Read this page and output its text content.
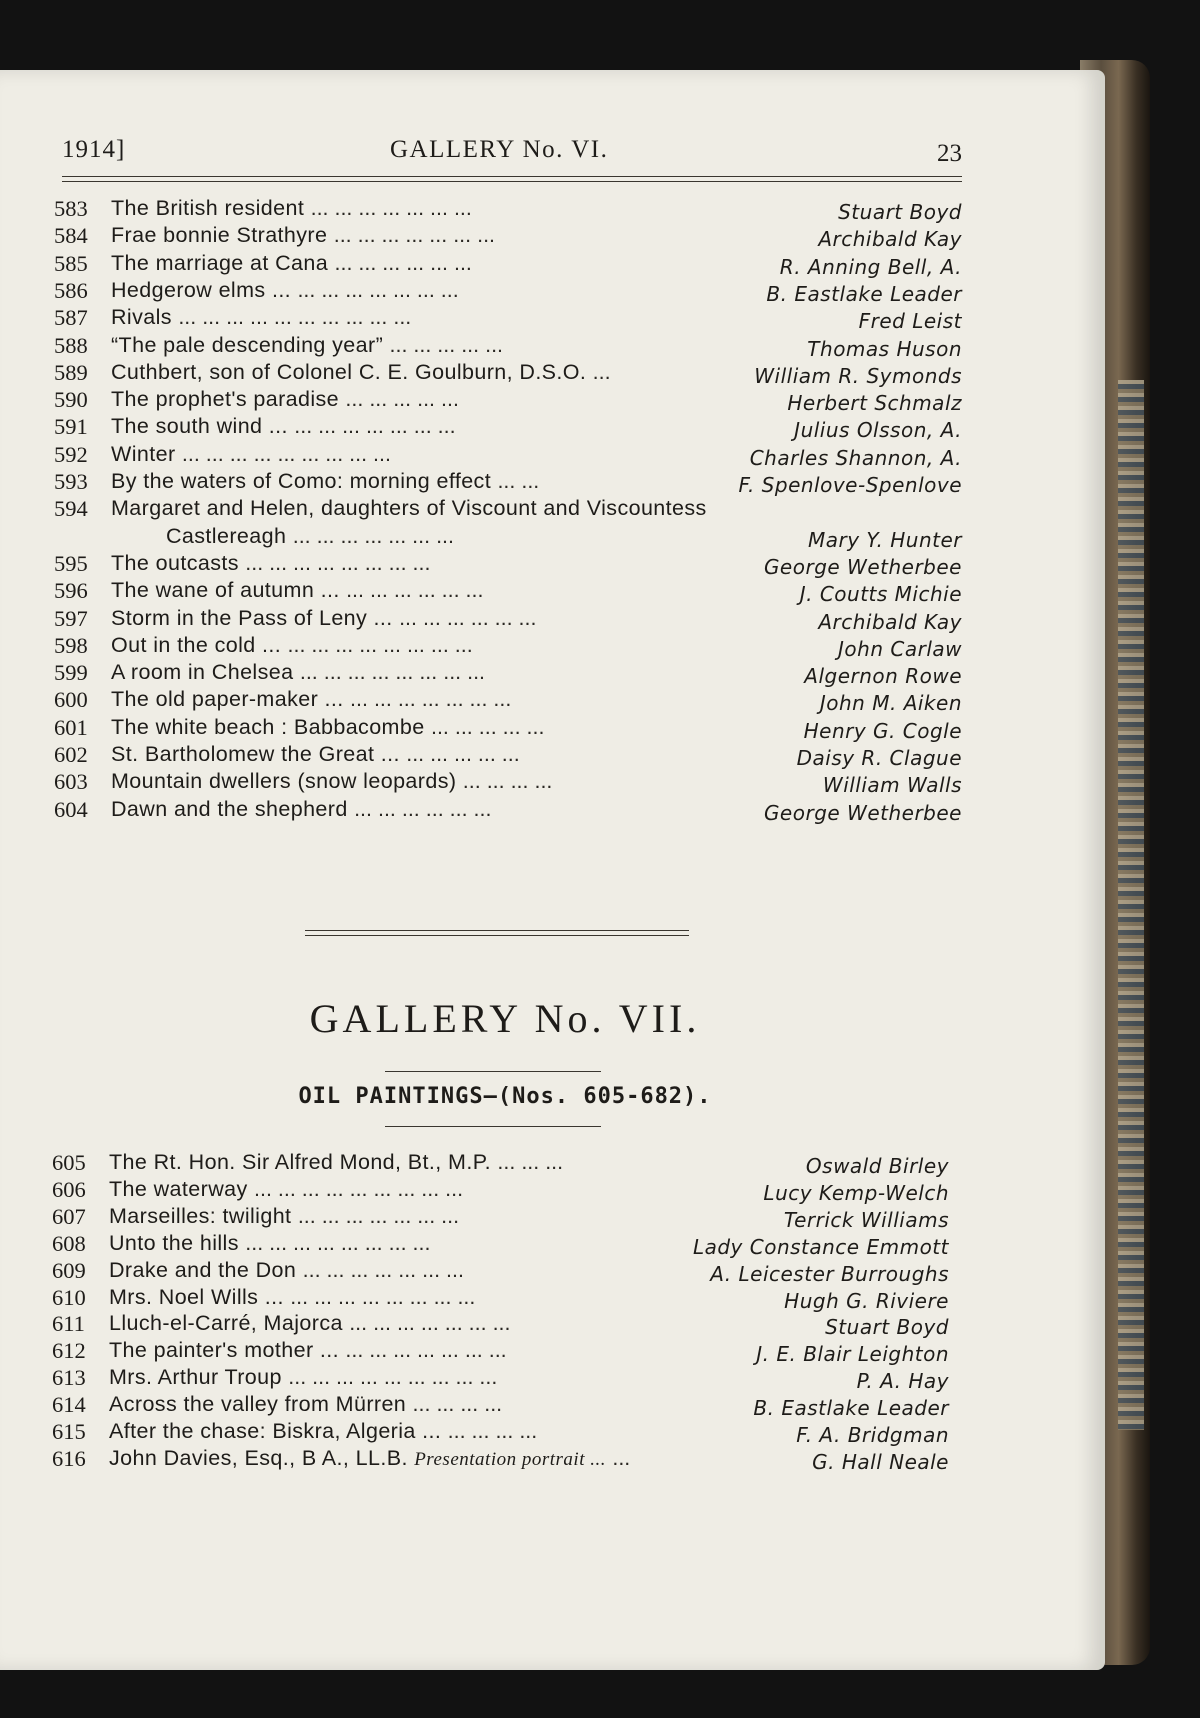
1914]	GALLERY No. VI.	23
583 The British resident ... ... ... ... ... ... ...	Stuart Boyd
584 Frae bonnie Strathyre ... ... ... ... ... ... ...	Archibald Kay
585 The marriage at Cana ... ... ... ... ... ...	R. Anning Bell, A.
586 Hedgerow elms ... ... ... ... ... ... ... ...	B. Eastlake Leader
587 Rivals ... ... ... ... ... ... ... ... ... ...	Fred Leist
588 “The pale descending year” ... ... ... ... ...	Thomas Huson
589 Cuthbert, son of Colonel C. E. Goulburn, D.S.O. ...	William R. Symonds
590 The prophet's paradise ... ... ... ... ...	Herbert Schmalz
591 The south wind ... ... ... ... ... ... ... ...	Julius Olsson, A.
592 Winter ... ... ... ... ... ... ... ... ...	Charles Shannon, A.
593 By the waters of Como: morning effect ... ...	F. Spenlove-Spenlove
594 Margaret and Helen, daughters of Viscount and Viscountess
Castlereagh ... ... ... ... ... ... ...	Mary Y. Hunter
595 The outcasts ... ... ... ... ... ... ... ...	George Wetherbee
596 The wane of autumn ... ... ... ... ... ... ...	J. Coutts Michie
597 Storm in the Pass of Leny ... ... ... ... ... ... ...	Archibald Kay
598 Out in the cold ... ... ... ... ... ... ... ... ...	John Carlaw
599 A room in Chelsea ... ... ... ... ... ... ... ...	Algernon Rowe
600 The old paper-maker ... ... ... ... ... ... ... ...	John M. Aiken
601 The white beach : Babbacombe ... ... ... ... ...	Henry G. Cogle
602 St. Bartholomew the Great ... ... ... ... ... ...	Daisy R. Clague
603 Mountain dwellers (snow leopards) ... ... ... ...	William Walls
604 Dawn and the shepherd ... ... ... ... ... ...	George Wetherbee
GALLERY No. VII.
OIL PAINTINGS—(Nos. 605-682).
605 The Rt. Hon. Sir Alfred Mond, Bt., M.P. ... ... ...	Oswald Birley
606 The waterway ... ... ... ... ... ... ... ... ...	Lucy Kemp-Welch
607 Marseilles: twilight ... ... ... ... ... ... ...	Terrick Williams
608 Unto the hills ... ... ... ... ... ... ... ...	Lady Constance Emmott
609 Drake and the Don ... ... ... ... ... ... ...	A. Leicester Burroughs
610 Mrs. Noel Wills ... ... ... ... ... ... ... ... ...	Hugh G. Riviere
611 Lluch-el-Carré, Majorca ... ... ... ... ... ... ...	Stuart Boyd
612 The painter's mother ... ... ... ... ... ... ... ...	J. E. Blair Leighton
613 Mrs. Arthur Troup ... ... ... ... ... ... ... ... ...	P. A. Hay
614 Across the valley from Mürren ... ... ... ...	B. Eastlake Leader
615 After the chase: Biskra, Algeria ... ... ... ... ...	F. A. Bridgman
616 John Davies, Esq., B A., LL.B. Presentation portrait ... ...	G. Hall Neale
